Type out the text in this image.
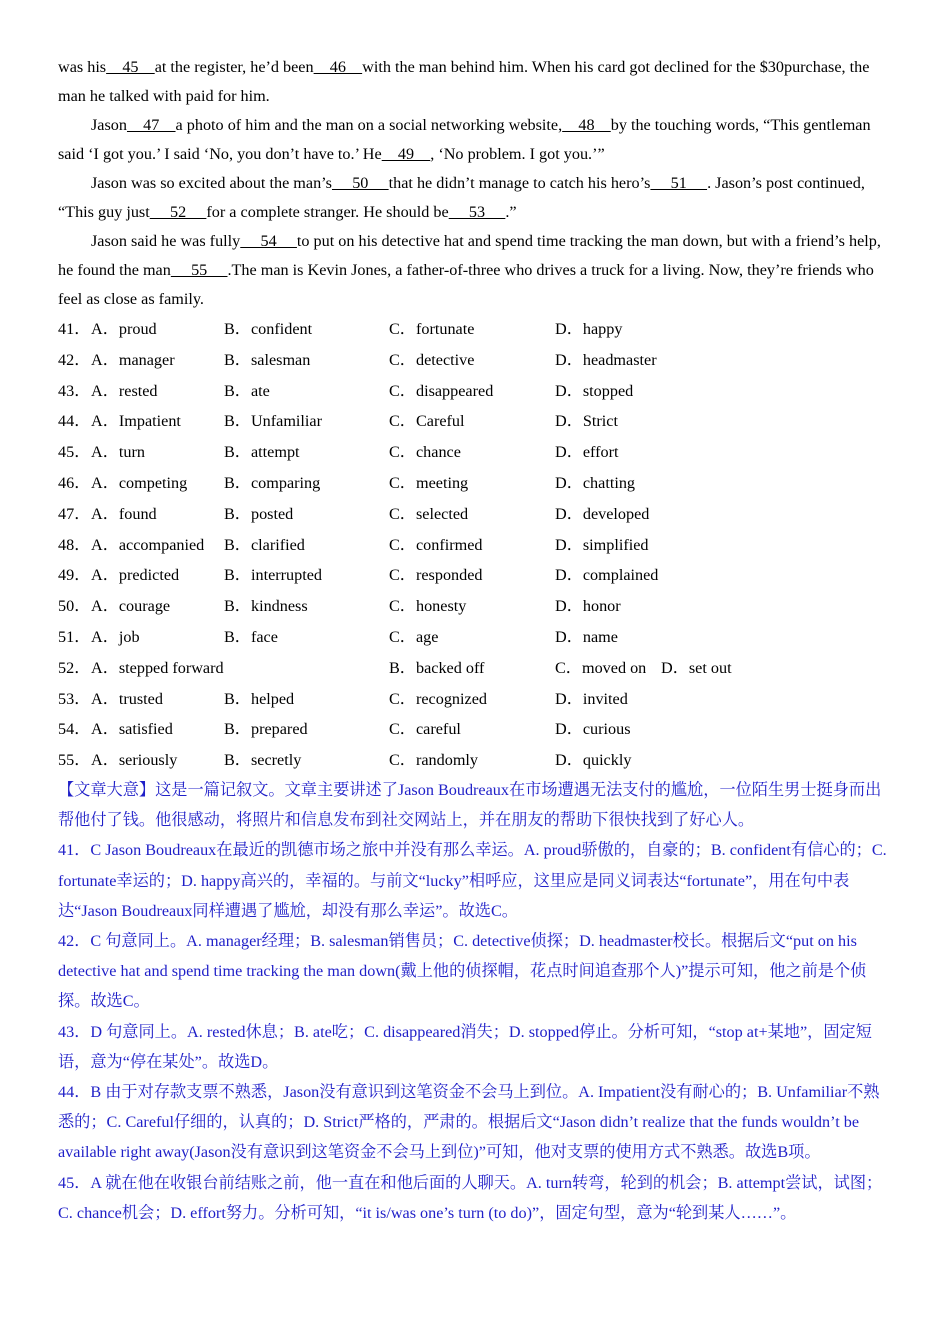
was his    45    at the register, he’d been    46    with the man behind him. When his card got declined for the $30purchase, the man he talked with paid for him.

Jason    47    a photo of him and the man on a social networking website,    48    by the touching words, “This gentleman said ‘I got you.’ I said ‘No, you don’t have to.’ He    49    , ‘No problem. I got you.’”

Jason was so excited about the man’s     50     that he didn’t manage to catch his hero’s     51     . Jason’s post continued, “This guy just     52     for a complete stranger. He should be     53     .”

Jason said he was fully     54     to put on his detective hat and spend time tracking the man down, but with a friend’s help, he found the man     55     .The man is Kevin Jones, a father-of-three who drives a truck for a living. Now, they’re friends who feel as close as family.

41． A．proud	B．confident	C．fortunate	D．happy
42． A．manager	B．salesman	C．detective	D．headmaster
43． A．rested	B．ate	C．disappeared	D．stopped
44． A．Impatient	B．Unfamiliar	C．Careful	D．Strict
45． A．turn	B．attempt	C．chance	D．effort
46． A．competing B．comparing	C．meeting	D．chatting
47． A．found	B．posted	C．selected	D．developed
48． A．accompanied B．clarified	C．confirmed	D．simplified
49． A．predicted	B．interrupted	C．responded	D．complained
50． A．courage	B．kindness	C．honesty	D．honor
51． A．job	B．face	C．age	D．name
52． A．stepped forward	B．backed off	C．moved on D．set out
53． A．trusted	B．helped	C．recognized	D．invited
54． A．satisfied	B．prepared	C．careful	D．curious
55． A．seriously	B．secretly	C．randomly	D．quickly

【文章大意】这是一篇记叙文。文章主要讲述了Jason Boudreaux在市场遭遇无法支付的尴尬，一位陌生男士挺身而出帮他付了钱。他很感动，将照片和信息发布到社交网站上，并在朋友的帮助下很快找到了好心人。

41．C Jason Boudreaux在最近的凯德市场之旅中并没有那么幸运。A. proud骄傲的，自豪的；B. confident有信心的；C. fortunate幸运的；D. happy高兴的，幸福的。与前文“lucky”相呼应，这里应是同义词表达“fortunate”，用在句中表达“Jason Boudreaux同样遭遇了尴尬，却没有那么幸运”。故选C。

42．C 句意同上。A. manager经理；B. salesman销售员；C. detective侦探；D. headmaster校长。根据后文“put on his detective hat and spend time tracking the man down(戴上他的侦探帽，花点时间追查那个人)”提示可知，他之前是个侦探。故选C。

43．D 句意同上。A. rested休息；B. ate吃；C. disappeared消失；D. stopped停止。分析可知，“stop at+某地”，固定短语，意为“停在某处”。故选D。

44．B 由于对存款支票不熟悉，Jason没有意识到这笔资金不会马上到位。A. Impatient没有耐心的；B. Unfamiliar不熟悉的；C. Careful仔细的，认真的；D. Strict严格的，严肃的。根据后文“Jason didn’t realize that the funds wouldn’t be available right away(Jason没有意识到这笔资金不会马上到位)”可知，他对支票的使用方式不熟悉。故选B项。

45．A 就在他在收银台前结账之前，他一直在和他后面的人聊天。A. turn转弯，轮到的机会；B. attempt尝试，试图；C. chance机会；D. effort努力。分析可知，“it is/was one’s turn (to do)”，固定句型，意为“轮到某人……”。
